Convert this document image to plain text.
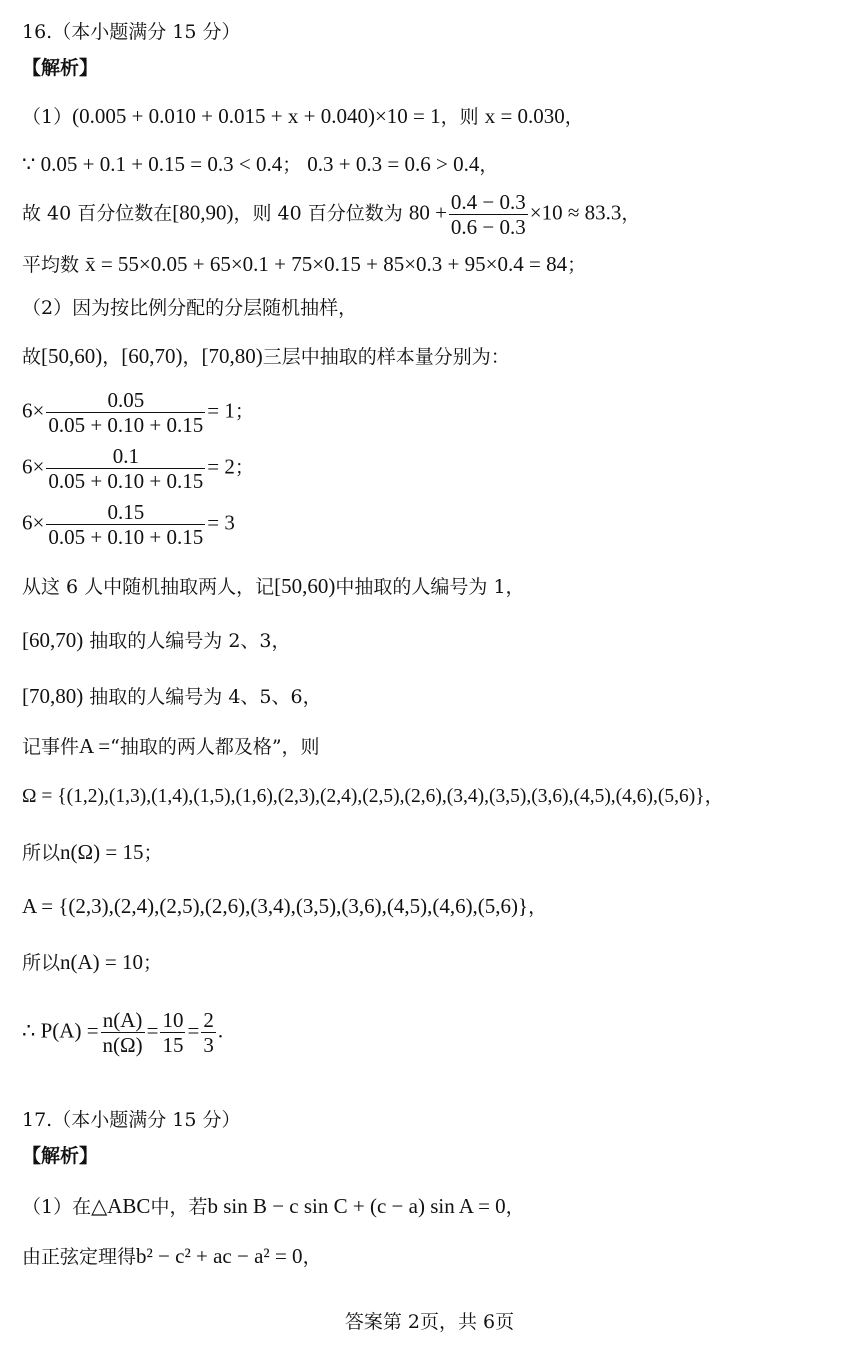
16.（本小题满分 15 分）
【解析】
（1）(0.005 + 0.010 + 0.015 + x + 0.040)×10 = 1，则 x = 0.030，
∵ 0.05 + 0.1 + 0.15 = 0.3 < 0.4； 0.3 + 0.3 = 0.6 > 0.4，
故 40 百分位数在[80,90)，则 40 百分位数为 $80 + \frac{0.4 - 0.3}{0.6 - 0.3} \times 10 \approx 83.3$，
平均数 x̄ = 55×0.05 + 65×0.1 + 75×0.15 + 85×0.3 + 95×0.4 = 84；
（2）因为按比例分配的分层随机抽样，
故[50,60)，[60,70)，[70,80)三层中抽取的样本量分别为：
$6\times \frac{0.05}{0.05 + 0.10 + 0.15} = 1$；
$6\times \frac{0.1}{0.05 + 0.10 + 0.15} = 2$；
$6\times \frac{0.15}{0.05 + 0.10 + 0.15} = 3$
从这 6 人中随机抽取两人，记[50,60)中抽取的人编号为 1，
[60,70) 抽取的人编号为 2、3，
[70,80) 抽取的人编号为 4、5、6，
记事件A =“抽取的两人都及格”，则
Ω = {(1,2),(1,3),(1,4),(1,5),(1,6),(2,3),(2,4),(2,5),(2,6),(3,4),(3,5),(3,6),(4,5),(4,6),(5,6)}，
所以n(Ω) = 15；
A = {(2,3),(2,4),(2,5),(2,6),(3,4),(3,5),(3,6),(4,5),(4,6),(5,6)}，
所以n(A) = 10；
∴ $P(A) = \frac{n(A)}{n(\Omega)} = \frac{10}{15} = \frac{2}{3}$ .
17.（本小题满分 15 分）
【解析】
（1）在△ABC中，若b sin B − c sin C + (c − a) sin A = 0，
由正弦定理得b² − c² + ac − a² = 0，
答案第 2页，共 6页
